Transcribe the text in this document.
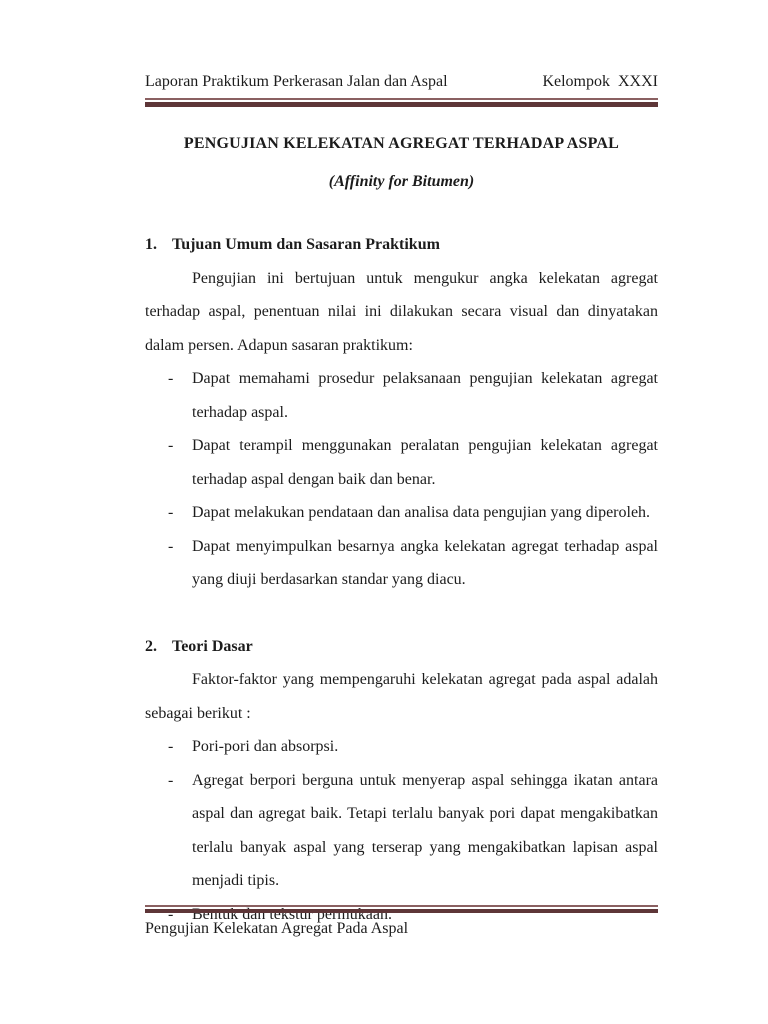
Laporan Praktikum Perkerasan Jalan dan Aspal	Kelompok  XXXI
PENGUJIAN KELEKATAN AGREGAT TERHADAP ASPAL
(Affinity for Bitumen)
1. Tujuan Umum dan Sasaran Praktikum
Pengujian ini bertujuan untuk mengukur angka kelekatan agregat terhadap aspal, penentuan nilai ini dilakukan secara visual dan dinyatakan dalam persen. Adapun sasaran praktikum:
- Dapat memahami prosedur pelaksanaan pengujian kelekatan agregat terhadap aspal.
- Dapat terampil menggunakan peralatan pengujian kelekatan agregat terhadap aspal dengan baik dan benar.
- Dapat melakukan pendataan dan analisa data pengujian yang diperoleh.
- Dapat menyimpulkan besarnya angka kelekatan agregat terhadap aspal yang diuji berdasarkan standar yang diacu.
2. Teori Dasar
Faktor-faktor yang mempengaruhi kelekatan agregat pada aspal adalah sebagai berikut :
- Pori-pori dan absorpsi.
- Agregat berpori berguna untuk menyerap aspal sehingga ikatan antara aspal dan agregat baik. Tetapi terlalu banyak pori dapat mengakibatkan terlalu banyak aspal yang terserap yang mengakibatkan lapisan aspal menjadi tipis.
- Bentuk dan tekstur permukaan.
Pengujian Kelekatan Agregat Pada Aspal
